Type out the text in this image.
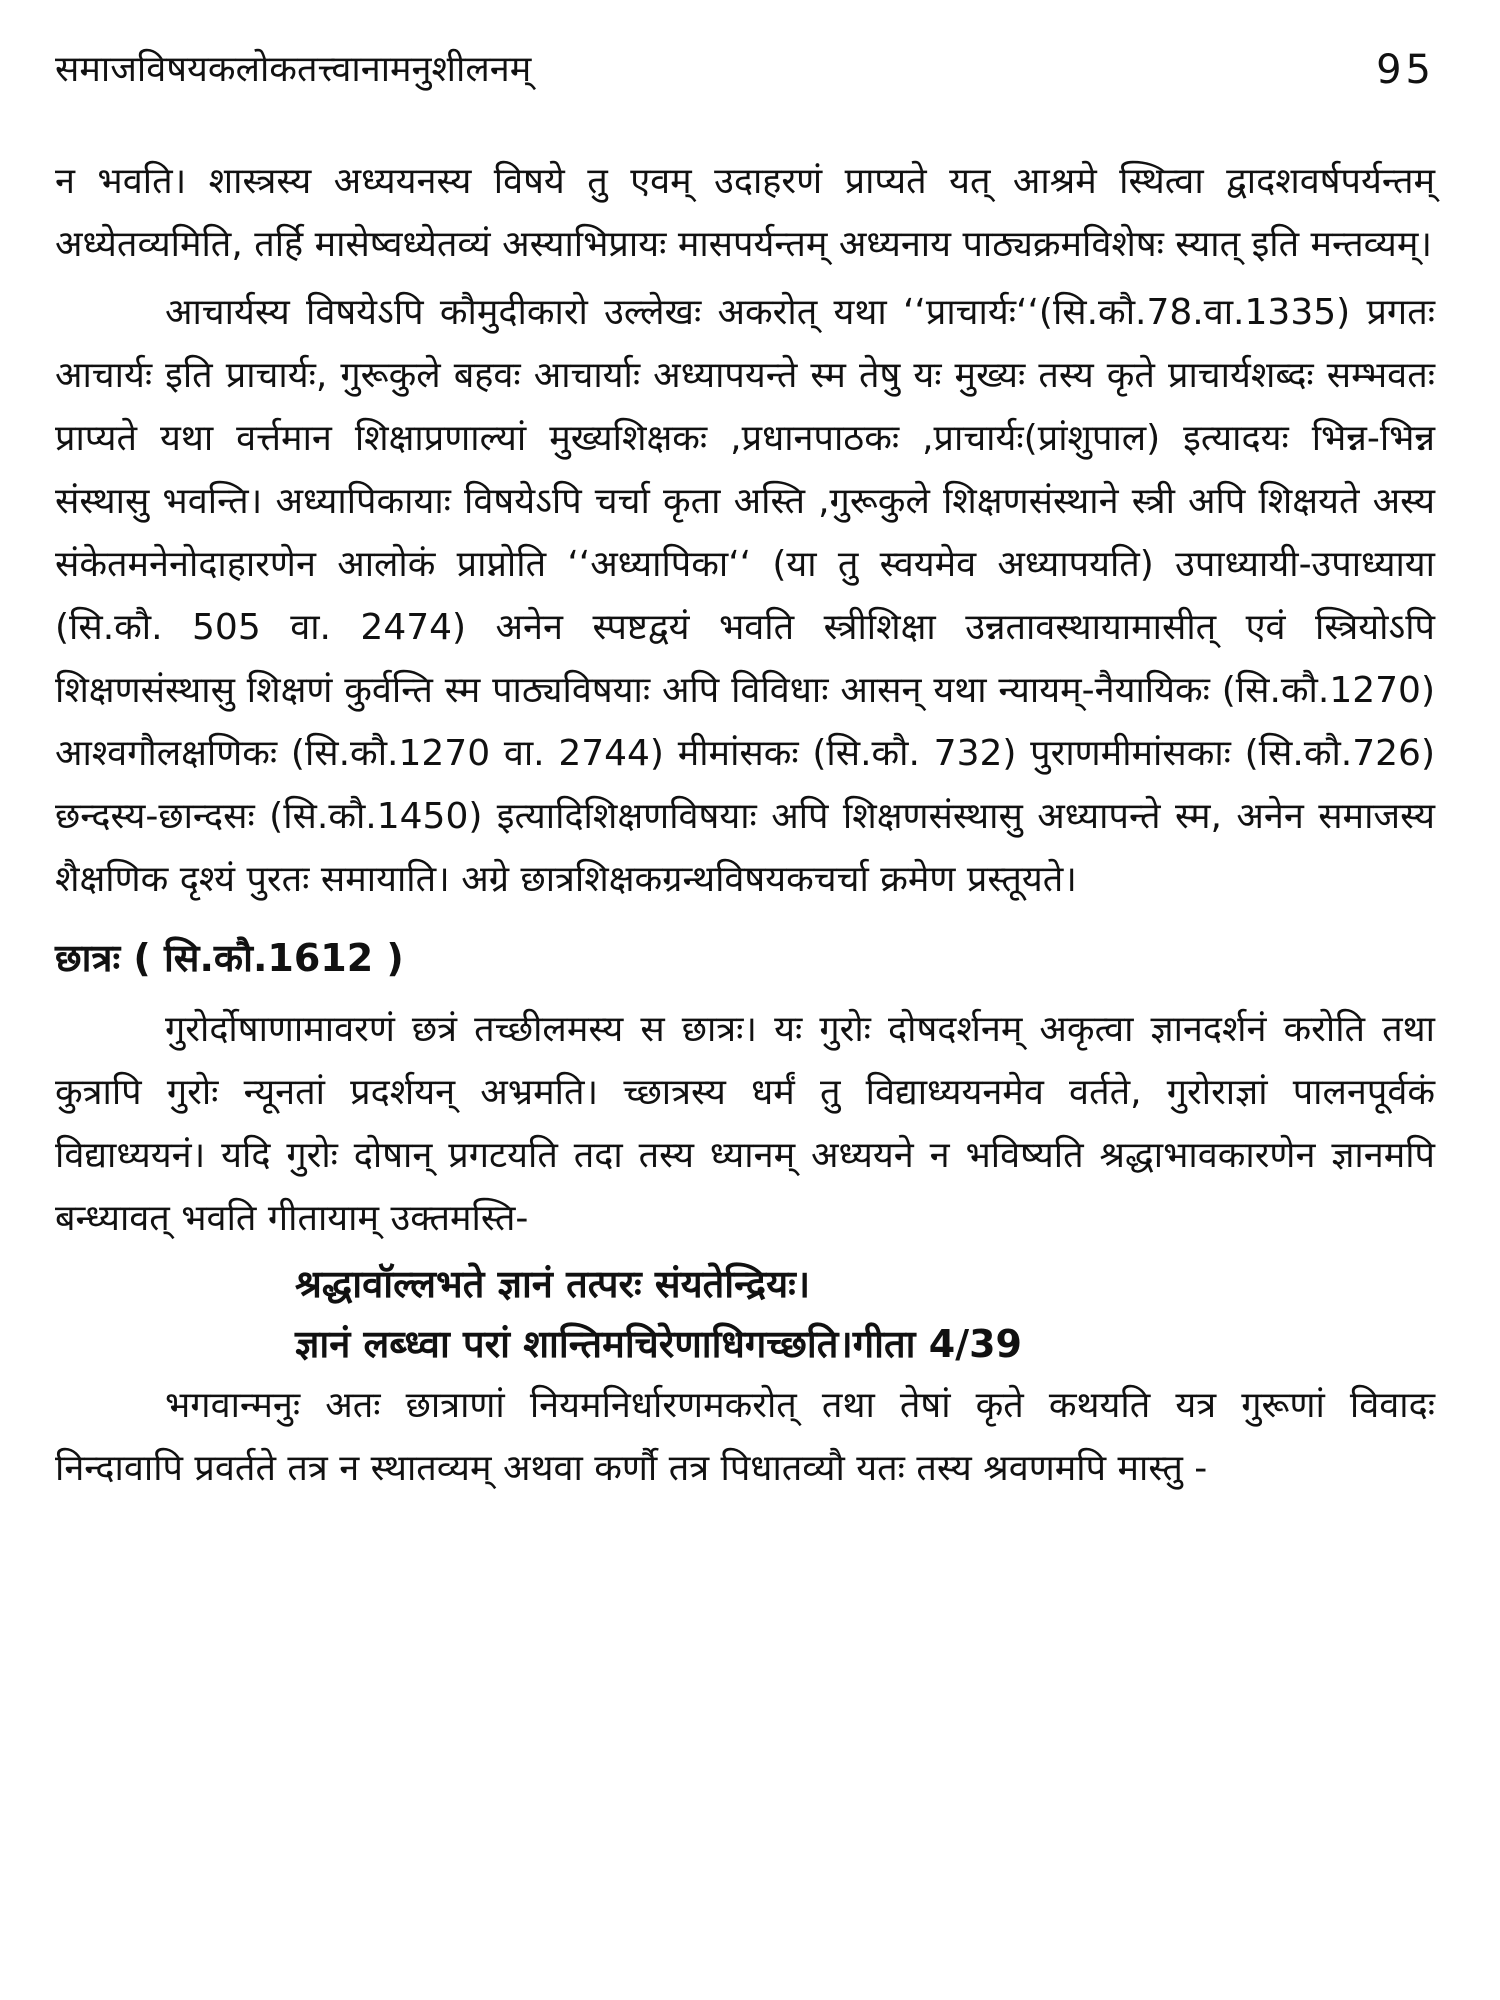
समाजविषयकलोकतत्त्वानामनुशीलनम्	95

न भवति। शास्त्रस्य अध्ययनस्य विषये तु एवम् उदाहरणं प्राप्यते यत् आश्रमे स्थित्वा द्वादशवर्षपर्यन्तम् अध्येतव्यमिति, तर्हि मासेष्वध्येतव्यं अस्याभिप्रायः मासपर्यन्तम् अध्यनाय पाठ्यक्रमविशेषः स्यात् इति मन्तव्यम्।

आचार्यस्य विषयेऽपि कौमुदीकारो उल्लेखः अकरोत् यथा ‘‘प्राचार्यः‘‘(सि.कौ.78.वा.1335) प्रगतः आचार्यः इति प्राचार्यः, गुरूकुले बहवः आचार्याः अध्यापयन्ते स्म तेषु यः मुख्यः तस्य कृते प्राचार्यशब्दः सम्भवतः प्राप्यते यथा वर्त्तमान शिक्षाप्रणाल्यां मुख्यशिक्षकः ,प्रधानपाठकः ,प्राचार्यः(प्रांशुपाल) इत्यादयः भिन्न-भिन्न संस्थासु भवन्ति। अध्यापिकायाः विषयेऽपि चर्चा कृता अस्ति ,गुरूकुले शिक्षणसंस्थाने स्त्री अपि शिक्षयते अस्य संकेतमनेनोदाहारणेन आलोकं प्राप्नोति ‘‘अध्यापिका‘‘ (या तु स्वयमेव अध्यापयति) उपाध्यायी-उपाध्याया (सि.कौ. 505 वा. 2474) अनेन स्पष्टद्वयं भवति स्त्रीशिक्षा उन्नतावस्थायामासीत् एवं स्त्रियोऽपि शिक्षणसंस्थासु शिक्षणं कुर्वन्ति स्म पाठ्यविषयाः अपि विविधाः आसन् यथा न्यायम्-नैयायिकः (सि.कौ.1270) आश्वगौलक्षणिकः (सि.कौ.1270 वा. 2744) मीमांसकः (सि.कौ. 732) पुराणमीमांसकाः (सि.कौ.726) छन्दस्य-छान्दसः (सि.कौ.1450) इत्यादिशिक्षणविषयाः अपि शिक्षणसंस्थासु अध्यापन्ते स्म, अनेन समाजस्य शैक्षणिक दृश्यं पुरतः समायाति। अग्रे छात्रशिक्षकग्रन्थविषयकचर्चा क्रमेण प्रस्तूयते।

छात्रः ( सि.कौ.1612 )

गुरोर्दोषाणामावरणं छत्रं तच्छीलमस्य स छात्रः। यः गुरोः दोषदर्शनम् अकृत्वा ज्ञानदर्शनं करोति तथा कुत्रापि गुरोः न्यूनतां प्रदर्शयन् अभ्रमति। च्छात्रस्य धर्मं तु विद्याध्ययनमेव वर्तते, गुरोराज्ञां पालनपूर्वकं विद्याध्ययनं। यदि गुरोः दोषान् प्रगटयति तदा तस्य ध्यानम् अध्ययने न भविष्यति श्रद्धाभावकारणेन ज्ञानमपि बन्ध्यावत् भवति गीतायाम् उक्तमस्ति-

श्रद्धावॉल्लभते ज्ञानं तत्परः संयतेन्द्रियः।

ज्ञानं लब्ध्वा परां शान्तिमचिरेणाधिगच्छति।गीता 4/39

भगवान्मनुः अतः छात्राणां नियमनिर्धारणमकरोत् तथा तेषां कृते कथयति यत्र गुरूणां विवादः निन्दावापि प्रवर्तते तत्र न स्थातव्यम् अथवा कर्णौ तत्र पिधातव्यौ यतः तस्य श्रवणमपि मास्तु -
